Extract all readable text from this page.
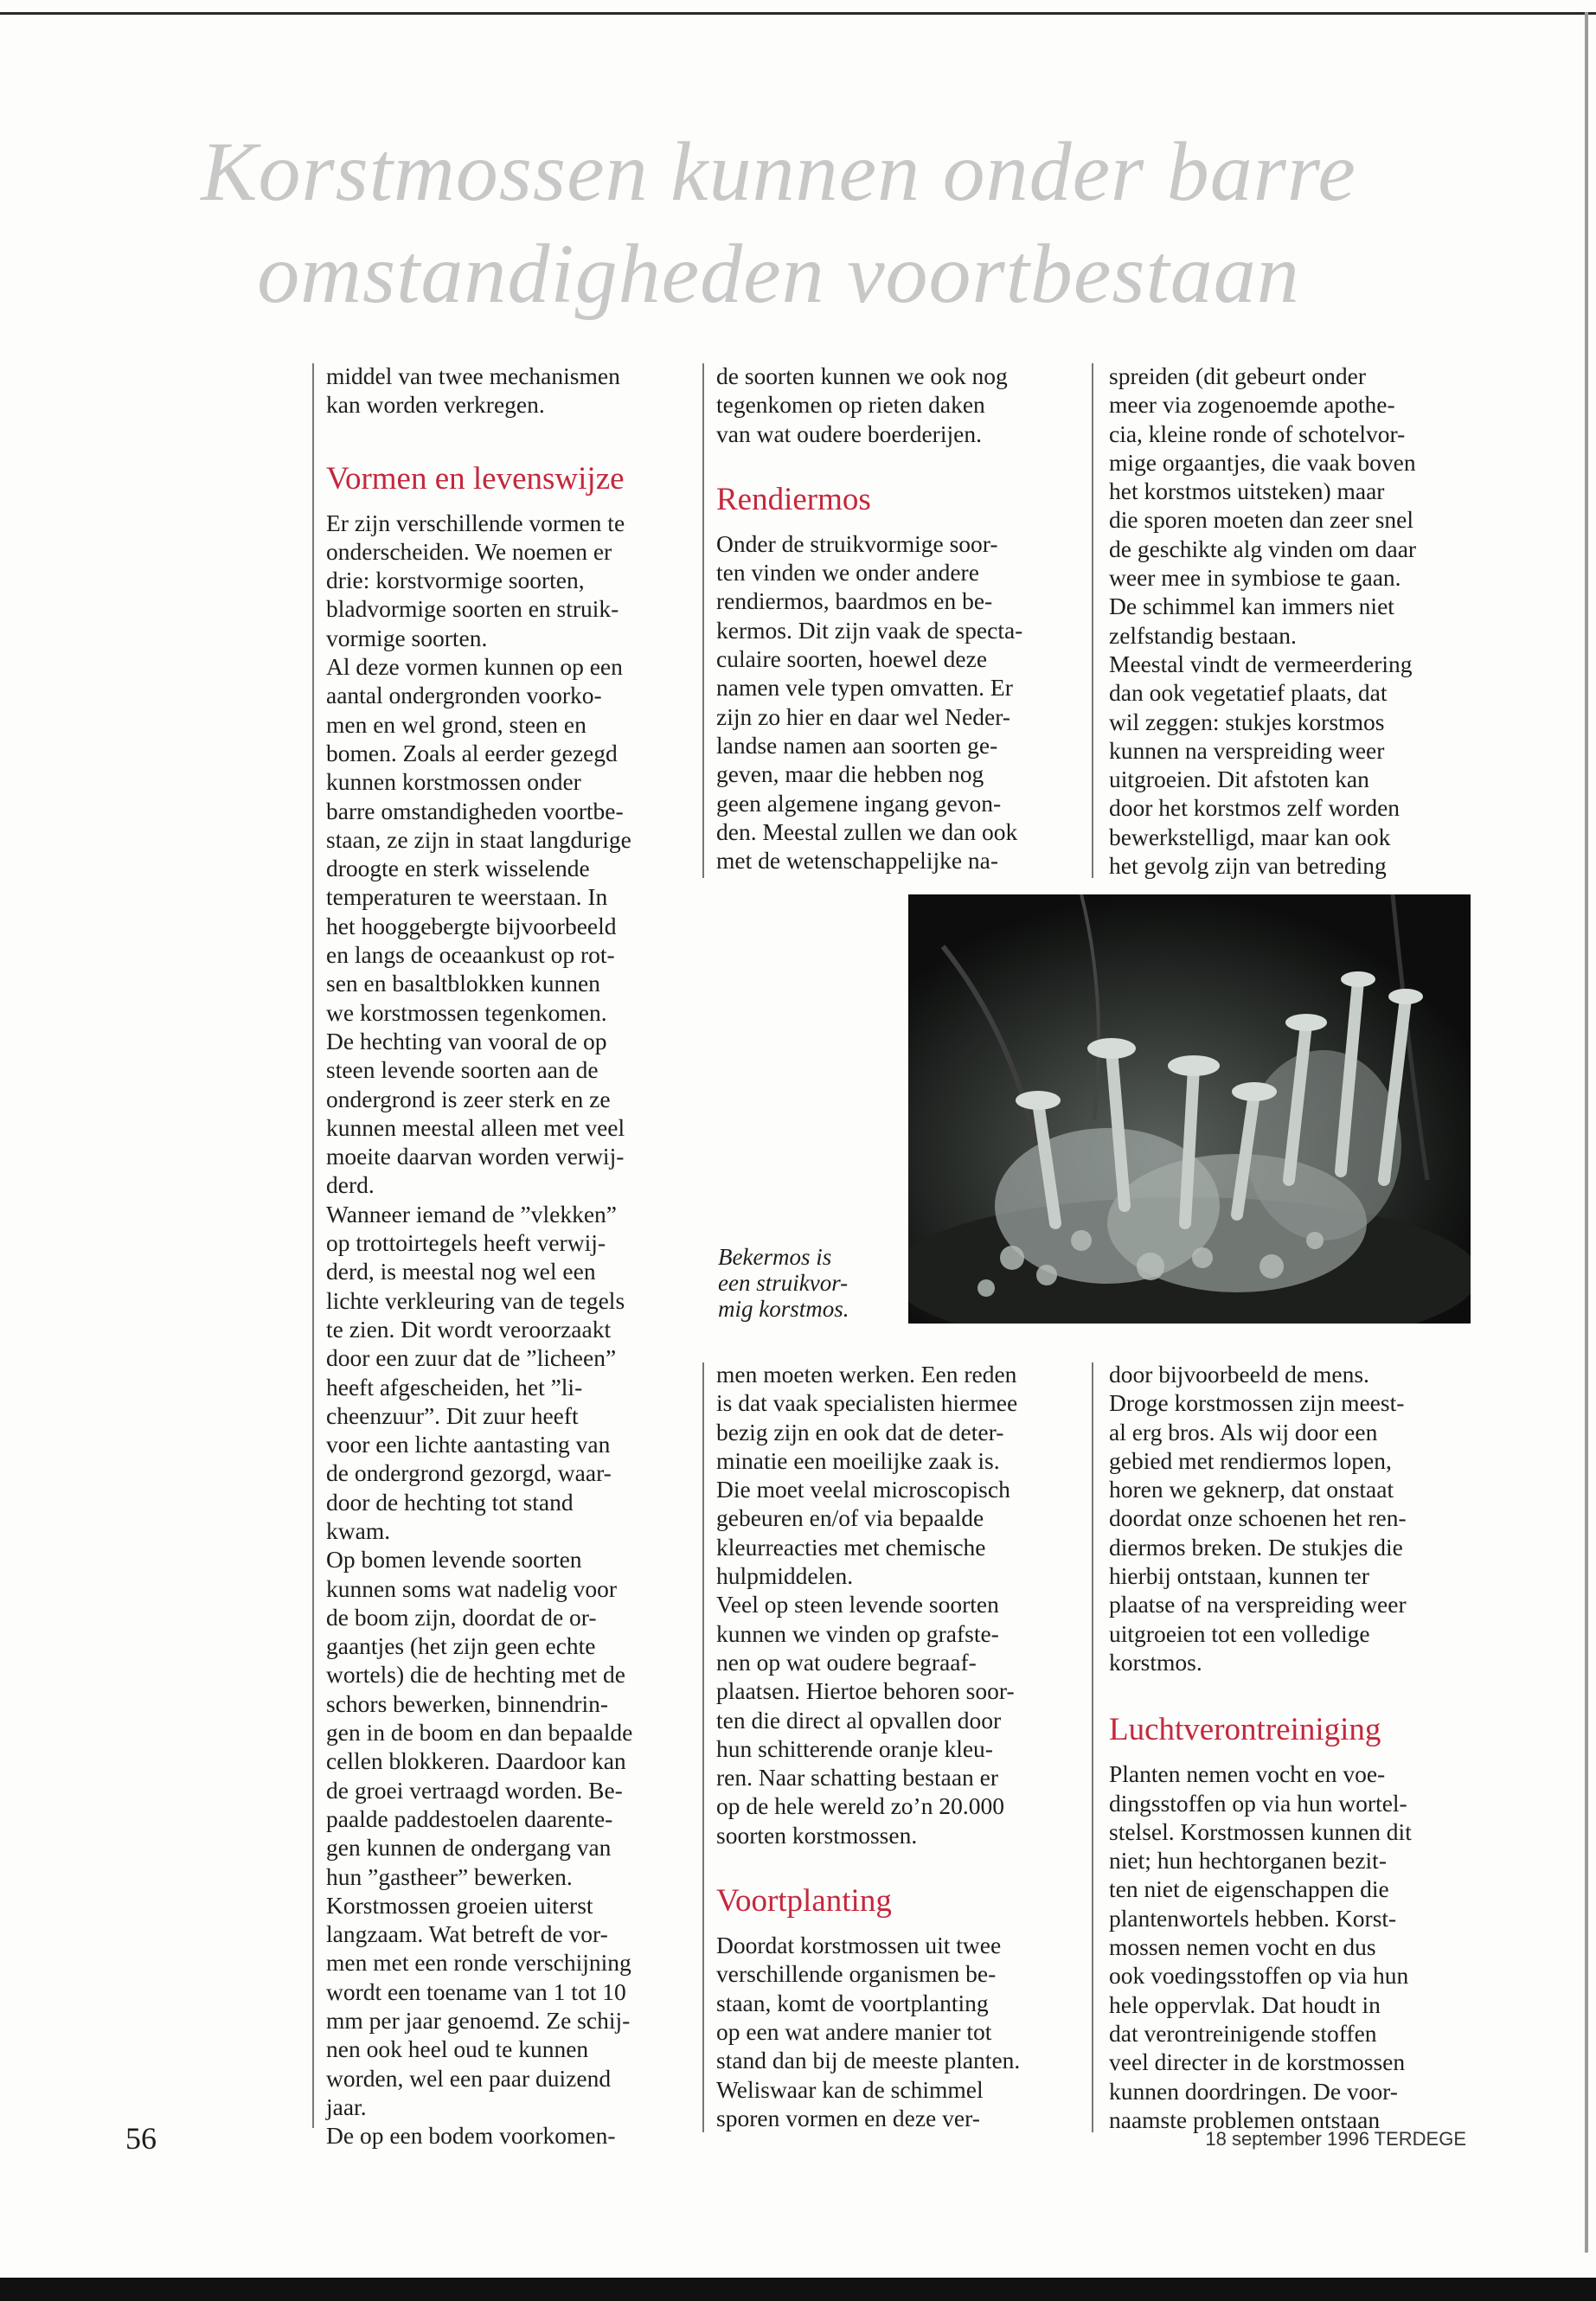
Korstmossen kunnen onder barre
omstandigheden voortbestaan

middel van twee mechanismen
kan worden verkregen.

Vormen en levenswijze

Er zijn verschillende vormen te
onderscheiden. We noemen er
drie: korstvormige soorten,
bladvormige soorten en struik-
vormige soorten.
Al deze vormen kunnen op een
aantal ondergronden voorko-
men en wel grond, steen en
bomen. Zoals al eerder gezegd
kunnen korstmossen onder
barre omstandigheden voortbe-
staan, ze zijn in staat langdurige
droogte en sterk wisselende
temperaturen te weerstaan. In
het hooggebergte bijvoorbeeld
en langs de oceaankust op rot-
sen en basaltblokken kunnen
we korstmossen tegenkomen.
De hechting van vooral de op
steen levende soorten aan de
ondergrond is zeer sterk en ze
kunnen meestal alleen met veel
moeite daarvan worden verwij-
derd.
Wanneer iemand de ”vlekken”
op trottoirtegels heeft verwij-
derd, is meestal nog wel een
lichte verkleuring van de tegels
te zien. Dit wordt veroorzaakt
door een zuur dat de ”licheen”
heeft afgescheiden, het ”li-
cheenzuur”. Dit zuur heeft
voor een lichte aantasting van
de ondergrond gezorgd, waar-
door de hechting tot stand
kwam.
Op bomen levende soorten
kunnen soms wat nadelig voor
de boom zijn, doordat de or-
gaantjes (het zijn geen echte
wortels) die de hechting met de
schors bewerken, binnendrin-
gen in de boom en dan bepaalde
cellen blokkeren. Daardoor kan
de groei vertraagd worden. Be-
paalde paddestoelen daarente-
gen kunnen de ondergang van
hun ”gastheer” bewerken.
Korstmossen groeien uiterst
langzaam. Wat betreft de vor-
men met een ronde verschijning
wordt een toename van 1 tot 10
mm per jaar genoemd. Ze schij-
nen ook heel oud te kunnen
worden, wel een paar duizend
jaar.
De op een bodem voorkomen-

de soorten kunnen we ook nog
tegenkomen op rieten daken
van wat oudere boerderijen.

Rendiermos

Onder de struikvormige soor-
ten vinden we onder andere
rendiermos, baardmos en be-
kermos. Dit zijn vaak de specta-
culaire soorten, hoewel deze
namen vele typen omvatten. Er
zijn zo hier en daar wel Neder-
landse namen aan soorten ge-
geven, maar die hebben nog
geen algemene ingang gevon-
den. Meestal zullen we dan ook
met de wetenschappelijke na-

spreiden (dit gebeurt onder
meer via zogenoemde apothe-
cia, kleine ronde of schotelvor-
mige orgaantjes, die vaak boven
het korstmos uitsteken) maar
die sporen moeten dan zeer snel
de geschikte alg vinden om daar
weer mee in symbiose te gaan.
De schimmel kan immers niet
zelfstandig bestaan.
Meestal vindt de vermeerdering
dan ook vegetatief plaats, dat
wil zeggen: stukjes korstmos
kunnen na verspreiding weer
uitgroeien. Dit afstoten kan
door het korstmos zelf worden
bewerkstelligd, maar kan ook
het gevolg zijn van betreding

Bekermos is
een struikvor-
mig korstmos.

men moeten werken. Een reden
is dat vaak specialisten hiermee
bezig zijn en ook dat de deter-
minatie een moeilijke zaak is.
Die moet veelal microscopisch
gebeuren en/of via bepaalde
kleurreacties met chemische
hulpmiddelen.
Veel op steen levende soorten
kunnen we vinden op grafste-
nen op wat oudere begraaf-
plaatsen. Hiertoe behoren soor-
ten die direct al opvallen door
hun schitterende oranje kleu-
ren. Naar schatting bestaan er
op de hele wereld zo’n 20.000
soorten korstmossen.

Voortplanting

Doordat korstmossen uit twee
verschillende organismen be-
staan, komt de voortplanting
op een wat andere manier tot
stand dan bij de meeste planten.
Weliswaar kan de schimmel
sporen vormen en deze ver-

door bijvoorbeeld de mens.
Droge korstmossen zijn meest-
al erg bros. Als wij door een
gebied met rendiermos lopen,
horen we geknerp, dat onstaat
doordat onze schoenen het ren-
diermos breken. De stukjes die
hierbij ontstaan, kunnen ter
plaatse of na verspreiding weer
uitgroeien tot een volledige
korstmos.

Luchtverontreiniging

Planten nemen vocht en voe-
dingsstoffen op via hun wortel-
stelsel. Korstmossen kunnen dit
niet; hun hechtorganen bezit-
ten niet de eigenschappen die
plantenwortels hebben. Korst-
mossen nemen vocht en dus
ook voedingsstoffen op via hun
hele oppervlak. Dat houdt in
dat verontreinigende stoffen
veel directer in de korstmossen
kunnen doordringen. De voor-
naamste problemen ontstaan

56	18 september 1996 TERDEGE
